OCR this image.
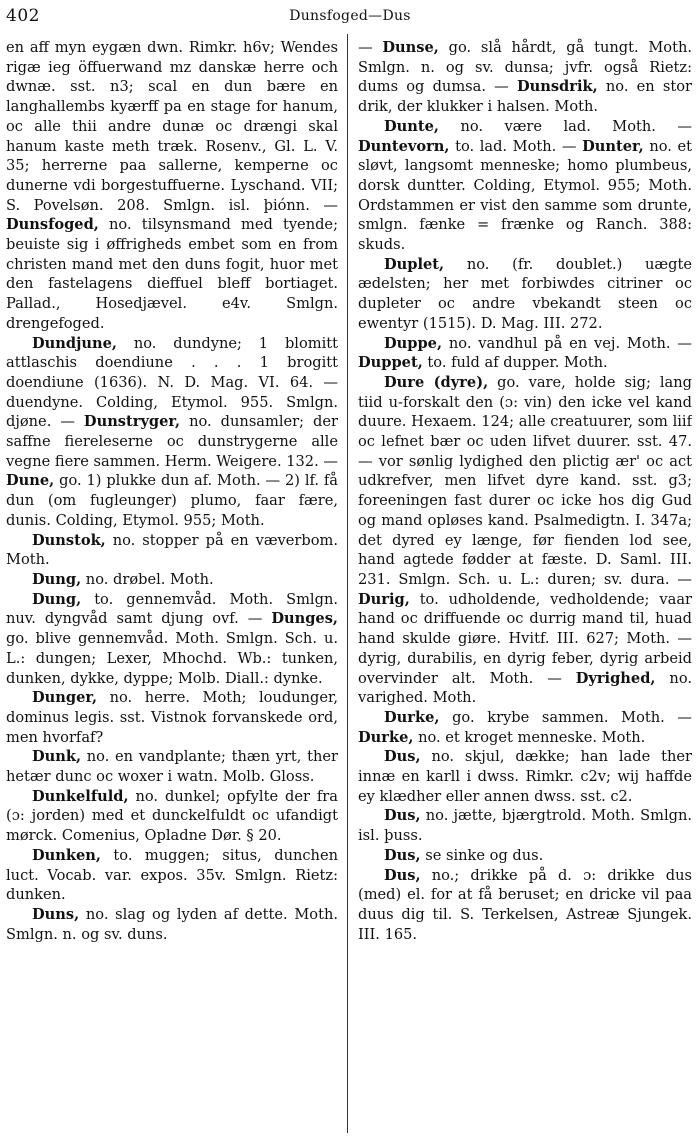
402	Dunsfoged—Dus

en aff myn eygæn dwn. Rimkr. h6v; Wendes rigæ ieg öffuerwand mz danskæ herre och dwnæ. sst. n3; scal en dun bære en langhallembs kyærff pa en stage for hanum, oc alle thii andre dunæ oc drængi skal hanum kaste meth træk. Rosenv., Gl. L. V. 35; herrerne paa sallerne, kemperne oc dunerne vdi borgestuffuerne. Lyschand. VII; S. Povelsøn. 208. Smlgn. isl. þiónn. — Dunsfoged, no. tilsynsmand med tyende; beuiste sig i øffrigheds embet som en from christen mand met den duns fogit, huor met den fastelagens dieffuel bleff bortiaget. Pallad., Hosedjævel. e4v. Smlgn. drengefoged.

Dundjune, no. dundyne; 1 blomitt attlaschis doendiune . . . 1 brogitt doendiune (1636). N. D. Mag. VI. 64. — duendyne. Colding, Etymol. 955. Smlgn. djøne. — Dunstryger, no. dunsamler; der saffne fiereleserne oc dunstrygerne alle vegne fiere sammen. Herm. Weigere. 132. — Dune, go. 1) plukke dun af. Moth. — 2) lf. få dun (om fugleunger) plumo, faar fære, dunis. Colding, Etymol. 955; Moth.

Dunstok, no. stopper på en væverbom. Moth.

Dung, no. drøbel. Moth.

Dung, to. gennemvåd. Moth. Smlgn. nuv. dyngvåd samt djung ovf. — Dunges, go. blive gennemvåd. Moth. Smlgn. Sch. u. L.: dungen; Lexer, Mhochd. Wb.: tunken, dunken, dykke, dyppe; Molb. Diall.: dynke.

Dunger, no. herre. Moth; loudunger, dominus legis. sst. Vistnok forvanskede ord, men hvorfaf?

Dunk, no. en vandplante; thæn yrt, ther hetær dunc oc woxer i watn. Molb. Gloss.

Dunkelfuld, no. dunkel; opfylte der fra (ɔ: jorden) med et dunckelfuldt oc ufandigt mørck. Comenius, Opladne Dør. § 20.

Dunken, to. muggen; situs, dunchen luct. Vocab. var. expos. 35v. Smlgn. Rietz: dunken.

Duns, no. slag og lyden af dette. Moth. Smlgn. n. og sv. duns.

— Dunse, go. slå hårdt, gå tungt. Moth. Smlgn. n. og sv. dunsa; jvfr. også Rietz: dums og dumsa. — Dunsdrik, no. en stor drik, der klukker i halsen. Moth.

Dunte, no. være lad. Moth. — Duntevorn, to. lad. Moth. — Dunter, no. et sløvt, langsomt menneske; homo plumbeus, dorsk duntter. Colding, Etymol. 955; Moth. Ordstammen er vist den samme som drunte, smlgn. fænke = frænke og Ranch. 388: skuds.

Duplet, no. (fr. doublet.) uægte ædelsten; her met forbiwdes citriner oc dupleter oc andre vbekandt steen oc ewentyr (1515). D. Mag. III. 272.

Duppe, no. vandhul på en vej. Moth. — Duppet, to. fuld af dupper. Moth.

Dure (dyre), go. vare, holde sig; lang tiid u-forskalt den (ɔ: vin) den icke vel kand duure. Hexaem. 124; alle creatuurer, som liif oc lefnet bær oc uden lifvet duurer. sst. 47. — vor sønlig lydighed den plictig ær' oc act udkrefver, men lifvet dyre kand. sst. g3; foreeningen fast durer oc icke hos dig Gud og mand opløses kand. Psalmedigtn. I. 347a; det dyred ey længe, før fienden lod see, hand agtede fødder at fæste. D. Saml. III. 231. Smlgn. Sch. u. L.: duren; sv. dura. — Durig, to. udholdende, vedholdende; vaar hand oc driffuende oc durrig mand til, huad hand skulde giøre. Hvitf. III. 627; Moth. — dyrig, durabilis, en dyrig feber, dyrig arbeid overvinder alt. Moth. — Dyrighed, no. varighed. Moth.

Durke, go. krybe sammen. Moth. — Durke, no. et kroget menneske. Moth.

Dus, no. skjul, dække; han lade ther innæ en karll i dwss. Rimkr. c2v; wij haffde ey klædher eller annen dwss. sst. c2.

Dus, no. jætte, bjærgtrold. Moth. Smlgn. isl. þuss.

Dus, se sinke og dus.

Dus, no.; drikke på d. ɔ: drikke dus (med) el. for at få beruset; en dricke vil paa duus dig til. S. Terkelsen, Astreæ Sjungek. III. 165.
